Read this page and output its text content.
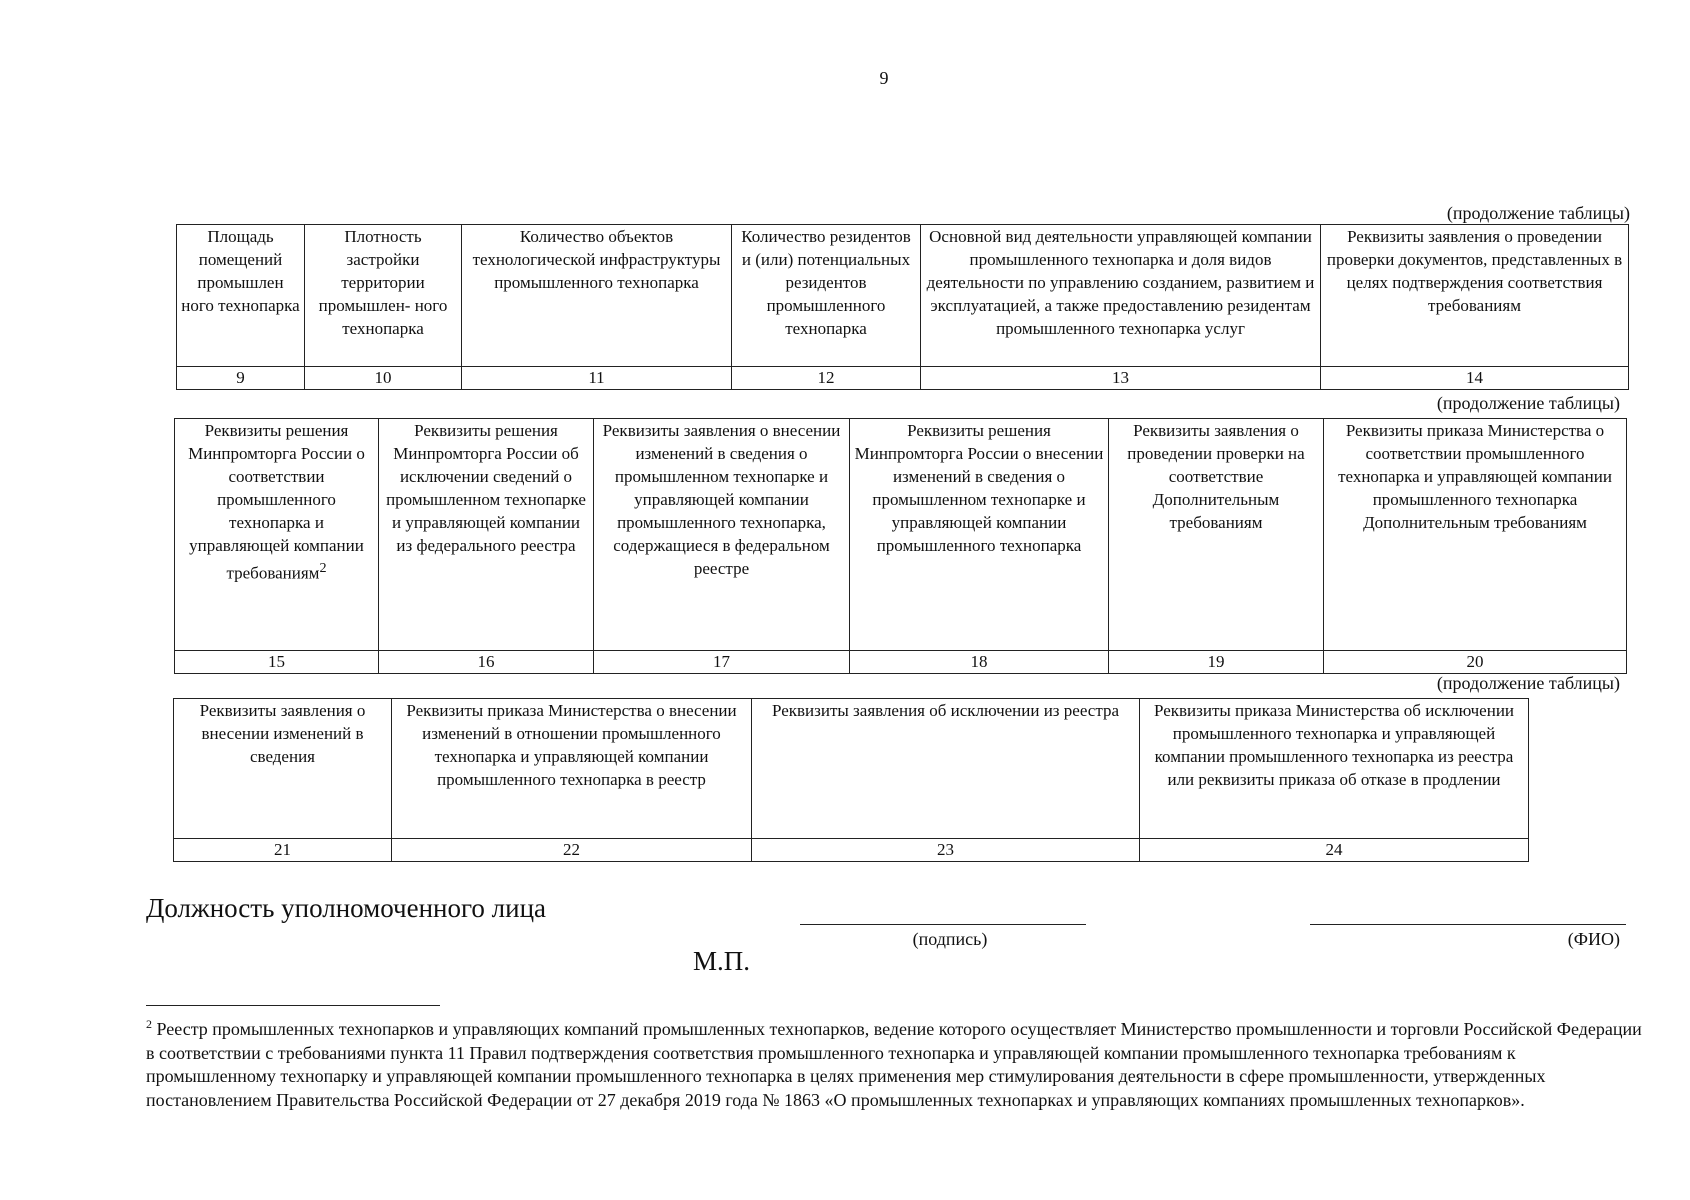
9
(продолжение таблицы)
Площадь помещений промышлен ного технопарка	Плотность застройки территории промышлен- ного технопарка	Количество объектов технологической инфраструктуры промышленного технопарка	Количество резидентов и (или) потенциальных резидентов промышленного технопарка	Основной вид деятельности управляющей компании промышленного технопарка и доля видов деятельности по управлению созданием, развитием и эксплуатацией, а также предоставлению резидентам промышленного технопарка услуг	Реквизиты заявления о проведении проверки документов, представленных в целях подтверждения соответствия требованиям
9	10	11	12	13	14
(продолжение таблицы)
Реквизиты решения Минпромторга России о соответствии промышленного технопарка и управляющей компании требованиям$^2$	Реквизиты решения Минпромторга России об исключении сведений о промышленном технопарке и управляющей компании из федерального реестра	Реквизиты заявления о внесении изменений в сведения о промышленном технопарке и управляющей компании промышленного технопарка, содержащиеся в федеральном реестре	Реквизиты решения Минпромторга России о внесении изменений в сведения о промышленном технопарке и управляющей компании промышленного технопарка	Реквизиты заявления о проведении проверки на соответствие Дополнительным требованиям	Реквизиты приказа Министерства о соответствии промышленного технопарка и управляющей компании промышленного технопарка Дополнительным требованиям
15	16	17	18	19	20
(продолжение таблицы)
Реквизиты заявления о внесении изменений в сведения	Реквизиты приказа Министерства о внесении изменений в отношении промышленного технопарка и управляющей компании промышленного технопарка в реестр	Реквизиты заявления об исключении из реестра	Реквизиты приказа Министерства об исключении промышленного технопарка и управляющей компании промышленного технопарка из реестра или реквизиты приказа об отказе в продлении
21	22	23	24
Должность уполномоченного лица
(подпись)	(ФИО)
М.П.
$^2$ Реестр промышленных технопарков и управляющих компаний промышленных технопарков, ведение которого осуществляет Министерство промышленности и торговли Российской Федерации в соответствии с требованиями пункта 11 Правил подтверждения соответствия промышленного технопарка и управляющей компании промышленного технопарка требованиям к промышленному технопарку и управляющей компании промышленного технопарка в целях применения мер стимулирования деятельности в сфере промышленности, утвержденных постановлением Правительства Российской Федерации от 27 декабря 2019 года № 1863 «О промышленных технопарках и управляющих компаниях промышленных технопарков».
